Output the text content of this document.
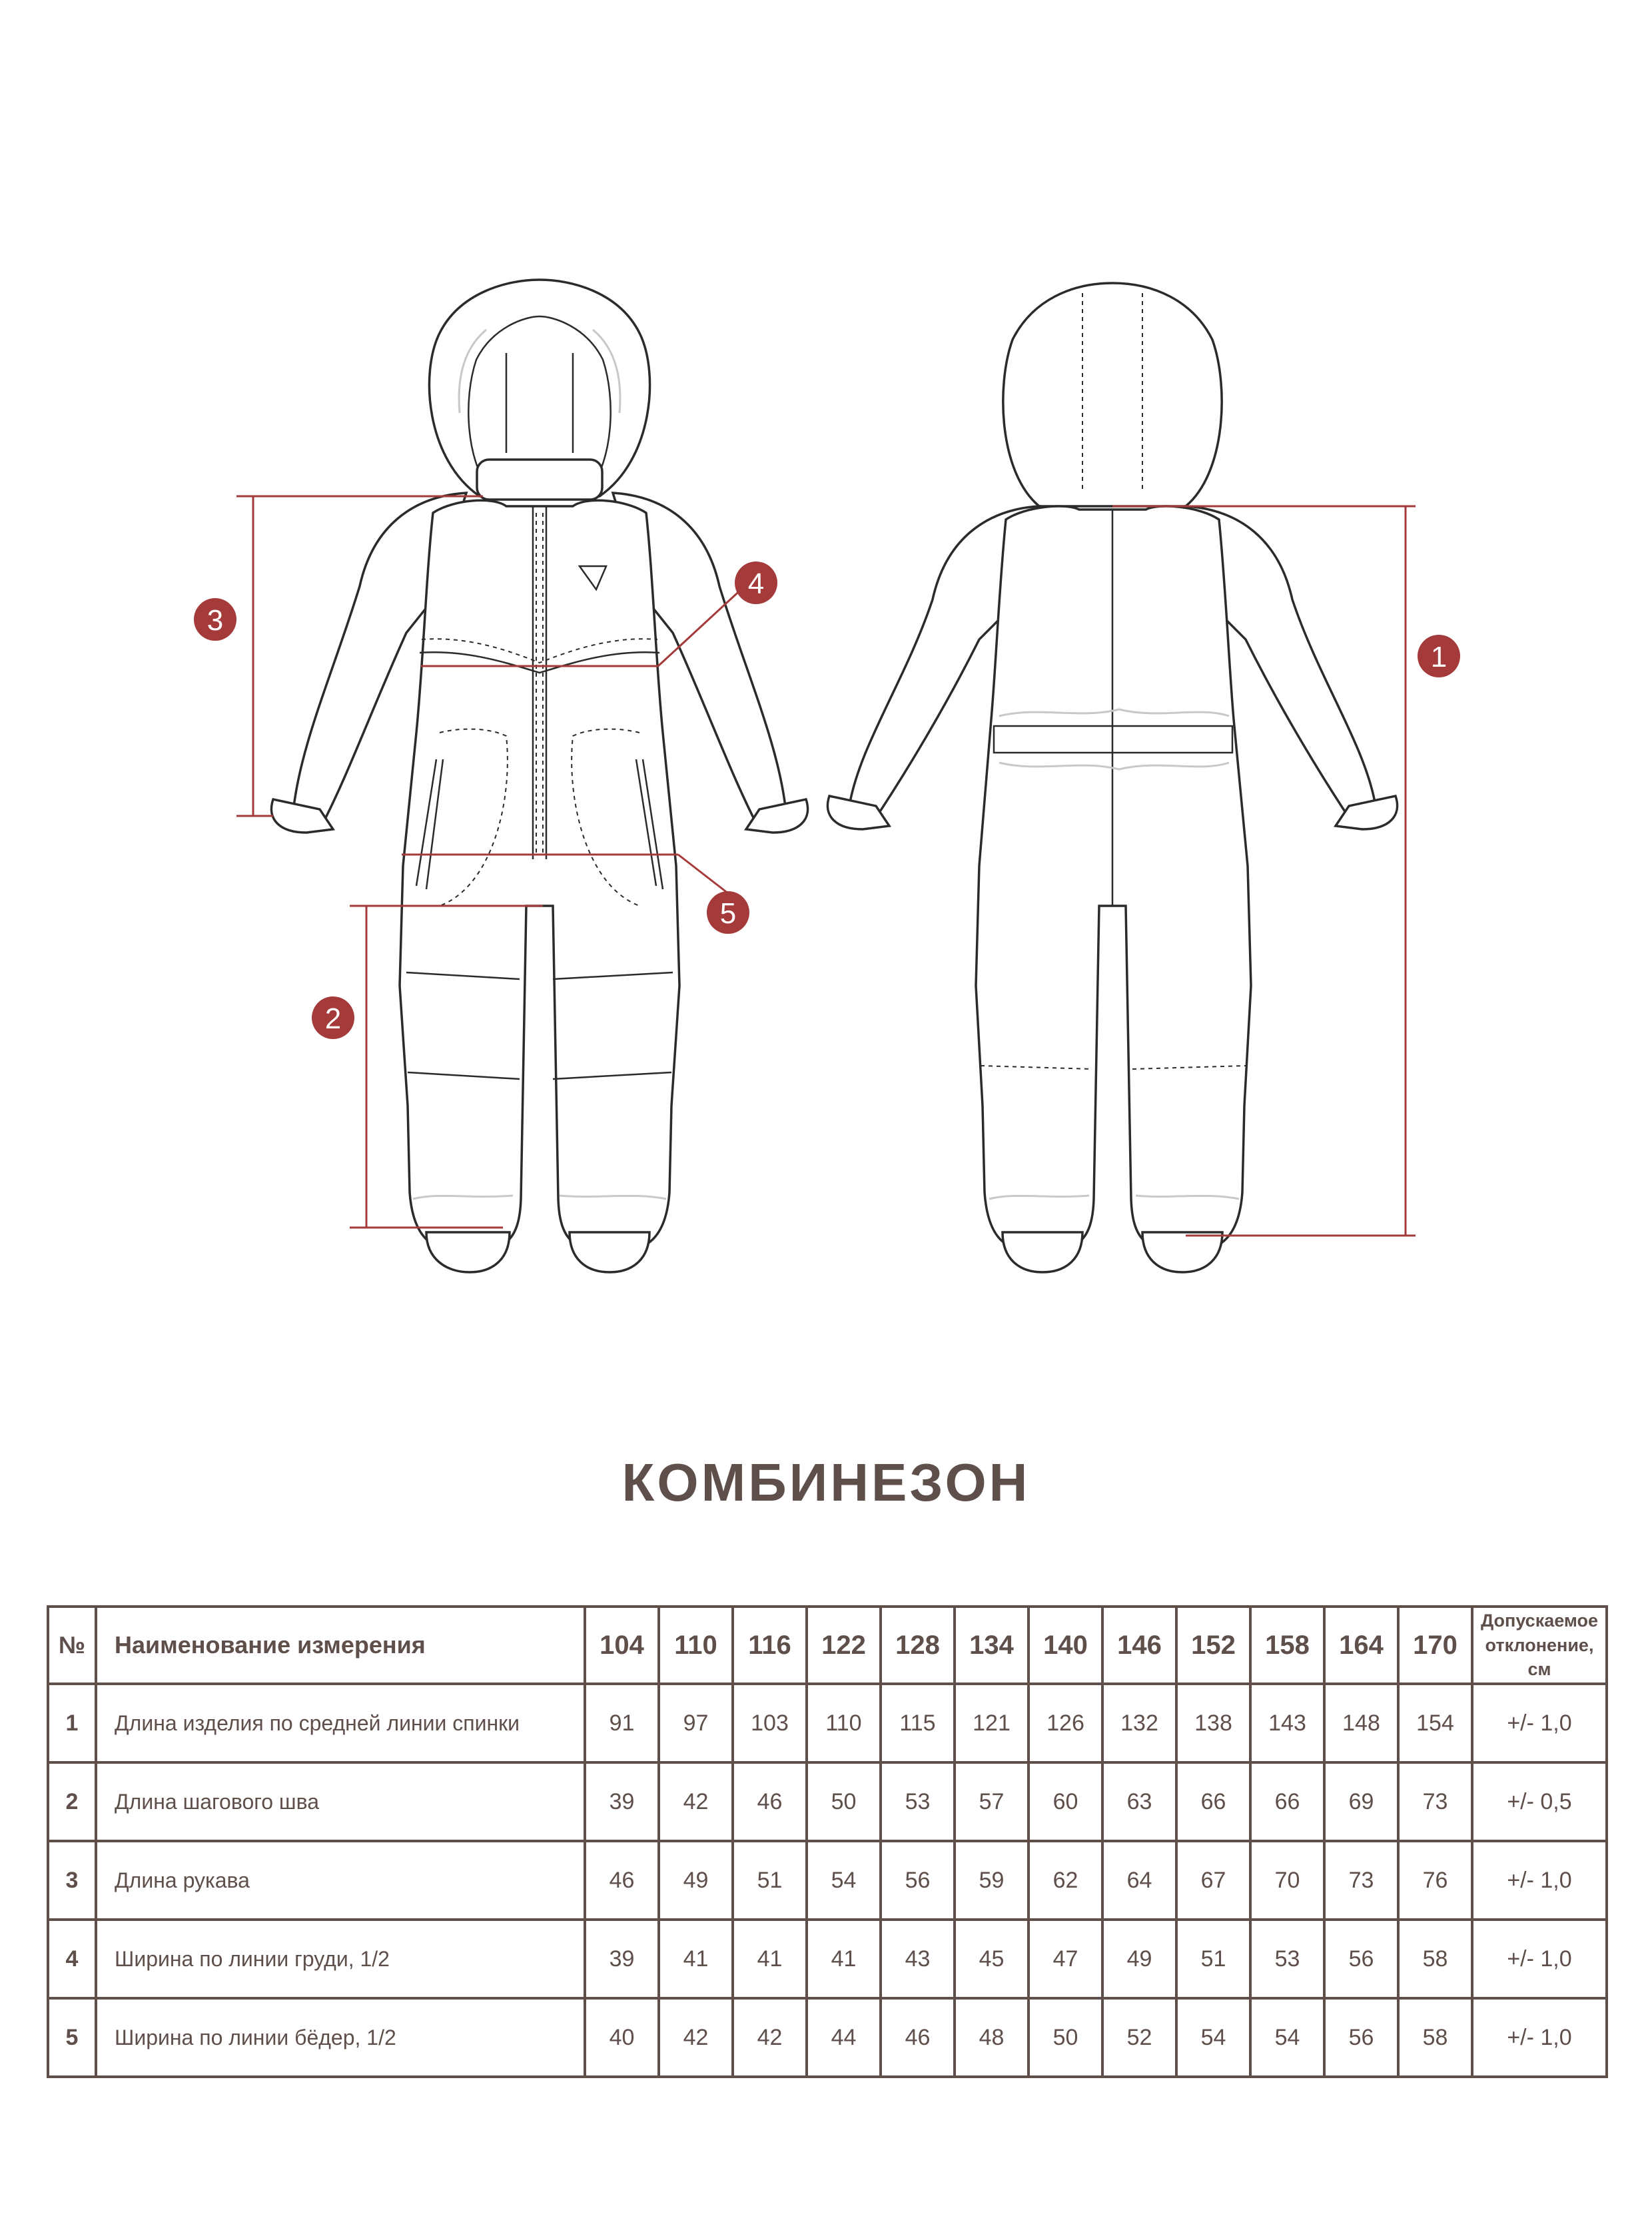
1
2
3
4
5
КОМБИНЕЗОН
№	Наименование измерения	104	110	116	122	128	134	140	146	152	158	164	170	Допускаемое
отклонение, см
1	Длина изделия по средней линии спинки	91	97	103	110	115	121	126	132	138	143	148	154	+/- 1,0
2	Длина шагового шва	39	42	46	50	53	57	60	63	66	66	69	73	+/- 0,5
3	Длина рукава	46	49	51	54	56	59	62	64	67	70	73	76	+/- 1,0
4	Ширина по линии груди, 1/2	39	41	41	41	43	45	47	49	51	53	56	58	+/- 1,0
5	Ширина по линии бёдер, 1/2	40	42	42	44	46	48	50	52	54	54	56	58	+/- 1,0
